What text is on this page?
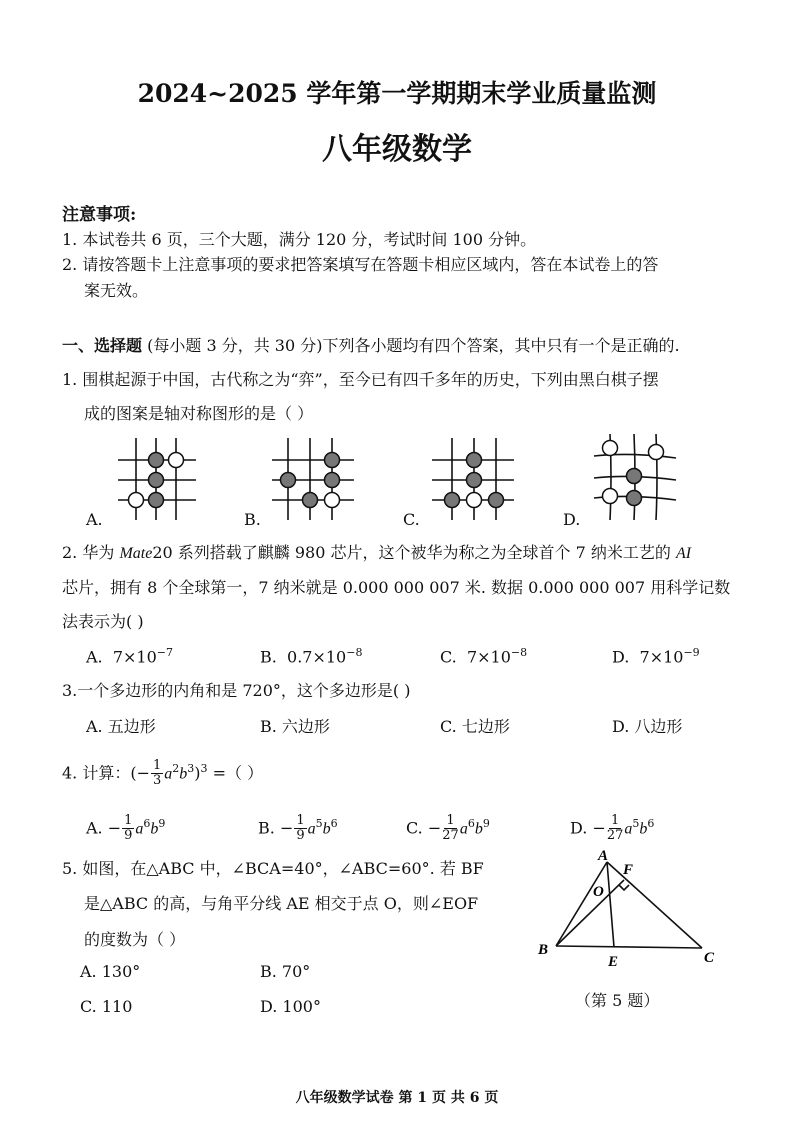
2024~2025 学年第一学期期末学业质量监测
八年级数学
注意事项:
1. 本试卷共 6 页，三个大题，满分 120 分，考试时间 100 分钟。
2. 请按答题卡上注意事项的要求把答案填写在答题卡相应区域内，答在本试卷上的答
案无效。
一、选择题 (每小题 3 分，共 30 分)下列各小题均有四个答案，其中只有一个是正确的.
1. 围棋起源于中国，古代称之为“弈”，至今已有四千多年的历史，下列由黑白棋子摆
成的图案是轴对称图形的是（ ）
A.	B.	C.	D.
2. 华为 Mate20 系列搭载了麒麟 980 芯片，这个被华为称之为全球首个 7 纳米工艺的 AI
芯片，拥有 8 个全球第一，7 纳米就是 0.000 000 007 米. 数据 0.000 000 007 用科学记数
法表示为( )
A. $7\times 10^{-7}$	B. $0.7\times 10^{-8}$	C. $7\times 10^{-8}$	D. $7\times 10^{-9}$
3.一个多边形的内角和是 720°，这个多边形是( )
A. 五边形	B. 六边形	C. 七边形	D. 八边形
4. 计算：(− $\frac{1}{3} a^2b^3)^3$ =（ ）
A. − $\frac{1}{9} a^6b^9$	B. − $\frac{1}{9} a^5b^6$	C. − $\frac{1}{27} a^6b^9$	D. − $\frac{1}{27} a^5b^6$
5. 如图，在△ABC 中，∠BCA=40°，∠ABC=60°. 若 BF
是△ABC 的高，与角平分线 AE 相交于点 O，则∠EOF
的度数为（ ）
A. 130°	B. 70°
C. 110	D. 100°
A
F
O
B
E	C
（第 5 题）
八年级数学试卷 第 1 页 共 6 页
